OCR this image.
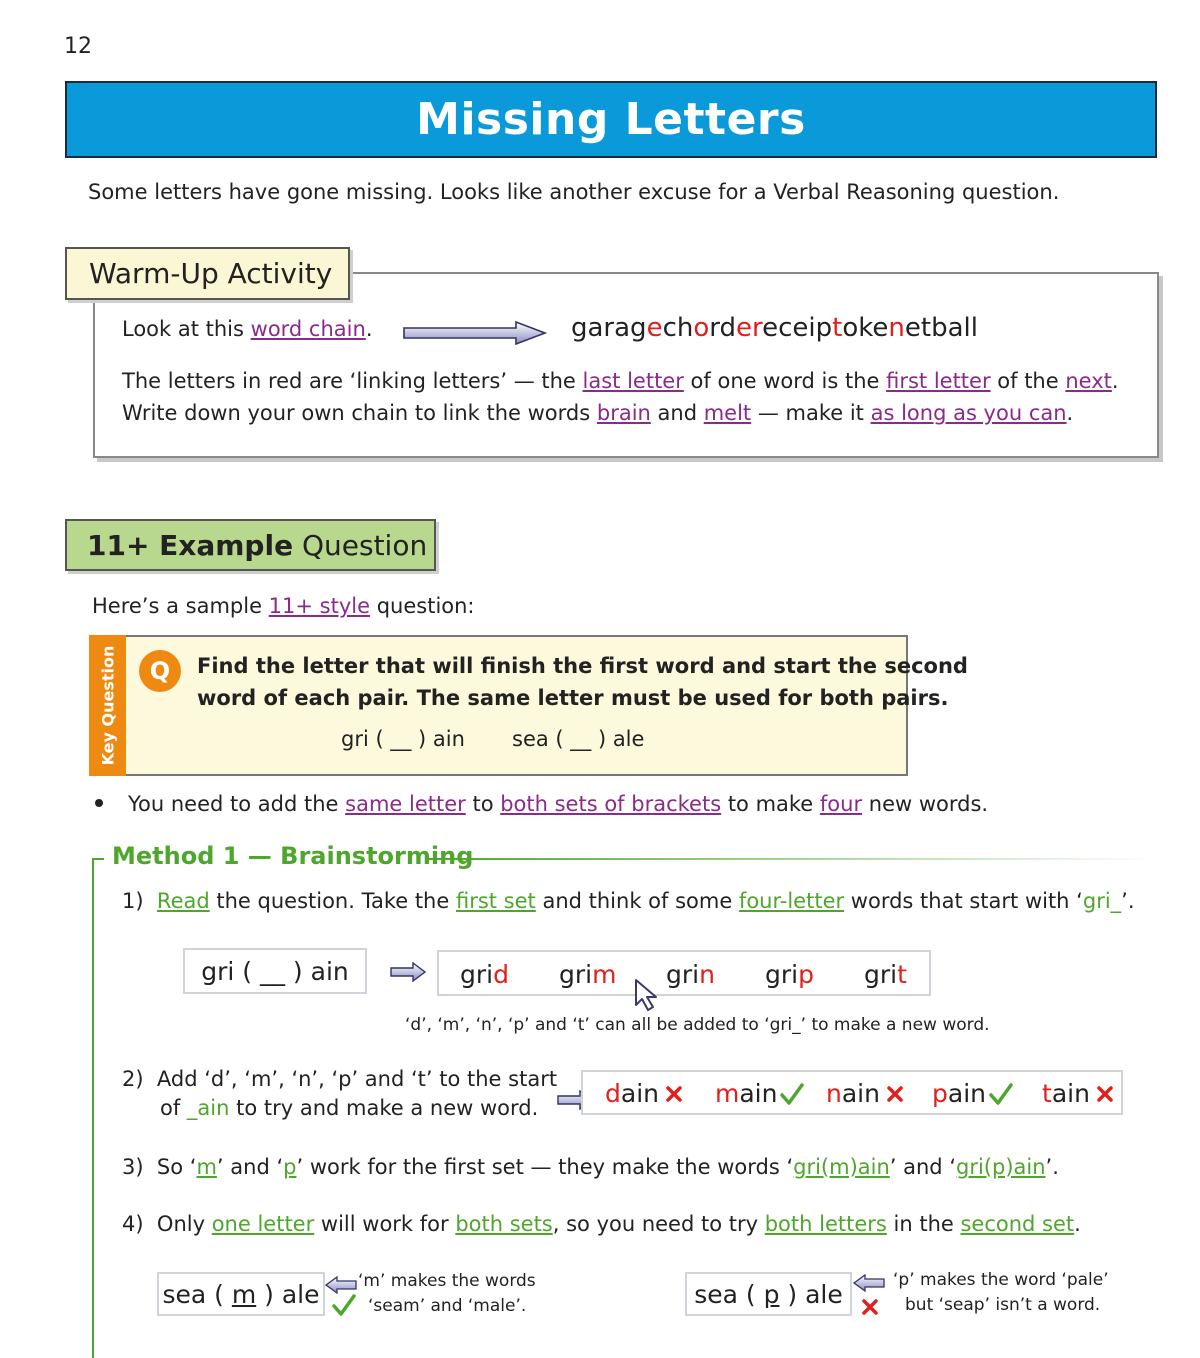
12
Missing Letters
Some letters have gone missing. Looks like another excuse for a Verbal Reasoning question.
Warm-Up Activity
Look at this word chain.	garagechordereceiptokenetball
The letters in red are ‘linking letters’ — the last letter of one word is the first letter of the next.
Write down your own chain to link the words brain and melt — make it as long as you can.
11+ Example Question
Here’s a sample 11+ style question:
Key Question	Q	Find the letter that will finish the first word and start the second
word of each pair. The same letter must be used for both pairs.
gri ( __ ) ain sea ( __ ) ale
You need to add the same letter to both sets of brackets to make four new words.
Method 1 — Brainstorming
1) Read the question. Take the first set and think of some four-letter words that start with ‘gri_’.
gri ( __ ) ain	grid grim grin grip grit
‘d’, ‘m’, ‘n’, ‘p’ and ‘t’ can all be added to ‘gri_’ to make a new word.
2) Add ‘d’, ‘m’, ‘n’, ‘p’ and ‘t’ to the start
of _ain to try and make a new word.	d ain m ain n ain p ain t ain
3) So ‘m’ and ‘p’ work for the first set — they make the words ‘gri(m)ain’ and ‘gri(p)ain’.
4) Only one letter will work for both sets, so you need to try both letters in the second set.
sea ( m ) ale ‘m’ makes the words
‘seam’ and ‘male’.	sea ( p ) ale	‘p’ makes the word ‘pale’
but ‘seap’ isn’t a word.
